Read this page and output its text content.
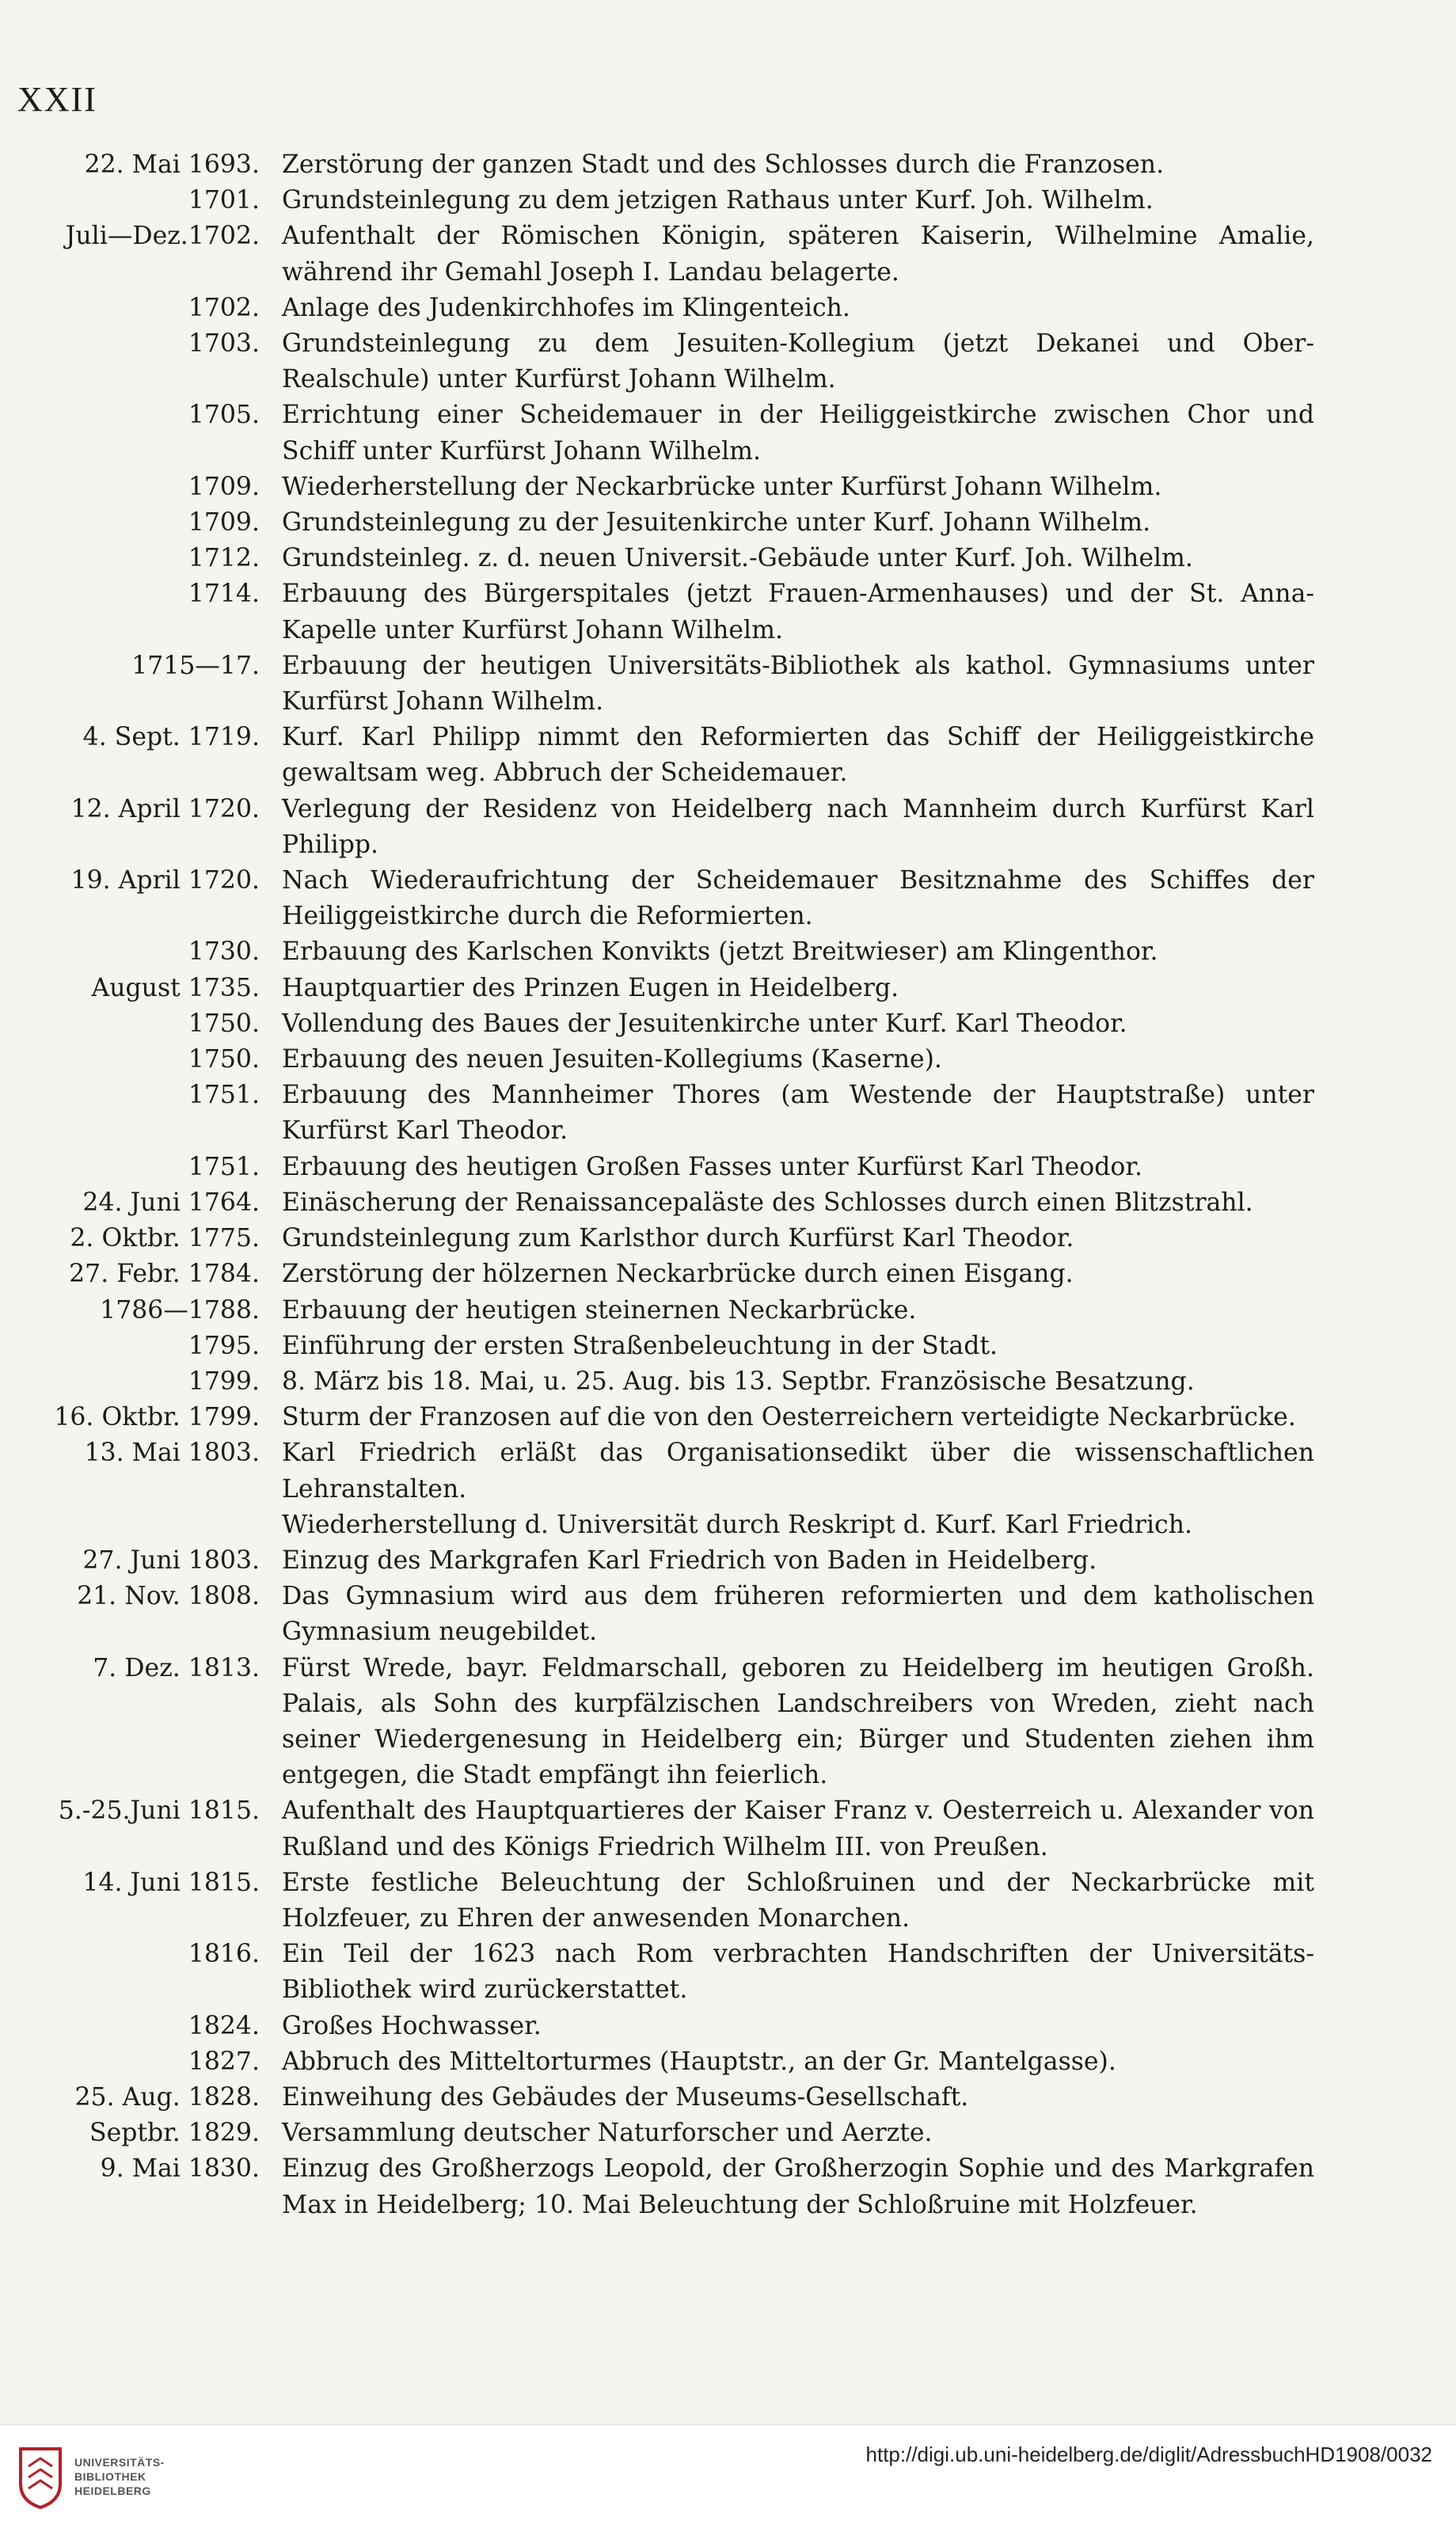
XXII
22. Mai 1693. Zerstörung der ganzen Stadt und des Schlosses durch die Franzosen.
1701. Grundsteinlegung zu dem jetzigen Rathaus unter Kurf. Joh. Wilhelm.
Juli—Dez.1702. Aufenthalt der Römischen Königin, späteren Kaiserin, Wilhelmine Amalie, während ihr Gemahl Joseph I. Landau belagerte.
1702. Anlage des Judenkirchhofes im Klingenteich.
1703. Grundsteinlegung zu dem Jesuiten-Kollegium (jetzt Dekanei und Ober-Realschule) unter Kurfürst Johann Wilhelm.
1705. Errichtung einer Scheidemauer in der Heiliggeistkirche zwischen Chor und Schiff unter Kurfürst Johann Wilhelm.
1709. Wiederherstellung der Neckarbrücke unter Kurfürst Johann Wilhelm.
1709. Grundsteinlegung zu der Jesuitenkirche unter Kurf. Johann Wilhelm.
1712. Grundsteinleg. z. d. neuen Universit.-Gebäude unter Kurf. Joh. Wilhelm.
1714. Erbauung des Bürgerspitales (jetzt Frauen-Armenhauses) und der St. Anna-Kapelle unter Kurfürst Johann Wilhelm.
1715—17. Erbauung der heutigen Universitäts-Bibliothek als kathol. Gymnasiums unter Kurfürst Johann Wilhelm.
4. Sept. 1719. Kurf. Karl Philipp nimmt den Reformierten das Schiff der Heiliggeistkirche gewaltsam weg. Abbruch der Scheidemauer.
12. April 1720. Verlegung der Residenz von Heidelberg nach Mannheim durch Kurfürst Karl Philipp.
19. April 1720. Nach Wiederaufrichtung der Scheidemauer Besitznahme des Schiffes der Heiliggeistkirche durch die Reformierten.
1730. Erbauung des Karlschen Konvikts (jetzt Breitwieser) am Klingenthor.
August 1735. Hauptquartier des Prinzen Eugen in Heidelberg.
1750. Vollendung des Baues der Jesuitenkirche unter Kurf. Karl Theodor.
1750. Erbauung des neuen Jesuiten-Kollegiums (Kaserne).
1751. Erbauung des Mannheimer Thores (am Westende der Hauptstraße) unter Kurfürst Karl Theodor.
1751. Erbauung des heutigen Großen Fasses unter Kurfürst Karl Theodor.
24. Juni 1764. Einäscherung der Renaissancepaläste des Schlosses durch einen Blitzstrahl.
2. Oktbr. 1775. Grundsteinlegung zum Karlsthor durch Kurfürst Karl Theodor.
27. Febr. 1784. Zerstörung der hölzernen Neckarbrücke durch einen Eisgang.
1786—1788. Erbauung der heutigen steinernen Neckarbrücke.
1795. Einführung der ersten Straßenbeleuchtung in der Stadt.
1799. 8. März bis 18. Mai, u. 25. Aug. bis 13. Septbr. Französische Besatzung.
16. Oktbr. 1799. Sturm der Franzosen auf die von den Oesterreichern verteidigte Neckarbrücke.
13. Mai 1803. Karl Friedrich erläßt das Organisationsedikt über die wissenschaftlichen Lehranstalten.
Wiederherstellung d. Universität durch Reskript d. Kurf. Karl Friedrich.
27. Juni 1803. Einzug des Markgrafen Karl Friedrich von Baden in Heidelberg.
21. Nov. 1808. Das Gymnasium wird aus dem früheren reformierten und dem katholischen Gymnasium neugebildet.
7. Dez. 1813. Fürst Wrede, bayr. Feldmarschall, geboren zu Heidelberg im heutigen Großh. Palais, als Sohn des kurpfälzischen Landschreibers von Wreden, zieht nach seiner Wiedergenesung in Heidelberg ein; Bürger und Studenten ziehen ihm entgegen, die Stadt empfängt ihn feierlich.
5.-25.Juni 1815. Aufenthalt des Hauptquartieres der Kaiser Franz v. Oesterreich u. Alexander von Rußland und des Königs Friedrich Wilhelm III. von Preußen.
14. Juni 1815. Erste festliche Beleuchtung der Schloßruinen und der Neckarbrücke mit Holzfeuer, zu Ehren der anwesenden Monarchen.
1816. Ein Teil der 1623 nach Rom verbrachten Handschriften der Universitäts-Bibliothek wird zurückerstattet.
1824. Großes Hochwasser.
1827. Abbruch des Mitteltorturmes (Hauptstr., an der Gr. Mantelgasse).
25. Aug. 1828. Einweihung des Gebäudes der Museums-Gesellschaft.
Septbr. 1829. Versammlung deutscher Naturforscher und Aerzte.
9. Mai 1830. Einzug des Großherzogs Leopold, der Großherzogin Sophie und des Markgrafen Max in Heidelberg; 10. Mai Beleuchtung der Schloßruine mit Holzfeuer.
UNIVERSITÄTS-
BIBLIOTHEK
HEIDELBERG
http://digi.ub.uni-heidelberg.de/diglit/AdressbuchHD1908/0032
